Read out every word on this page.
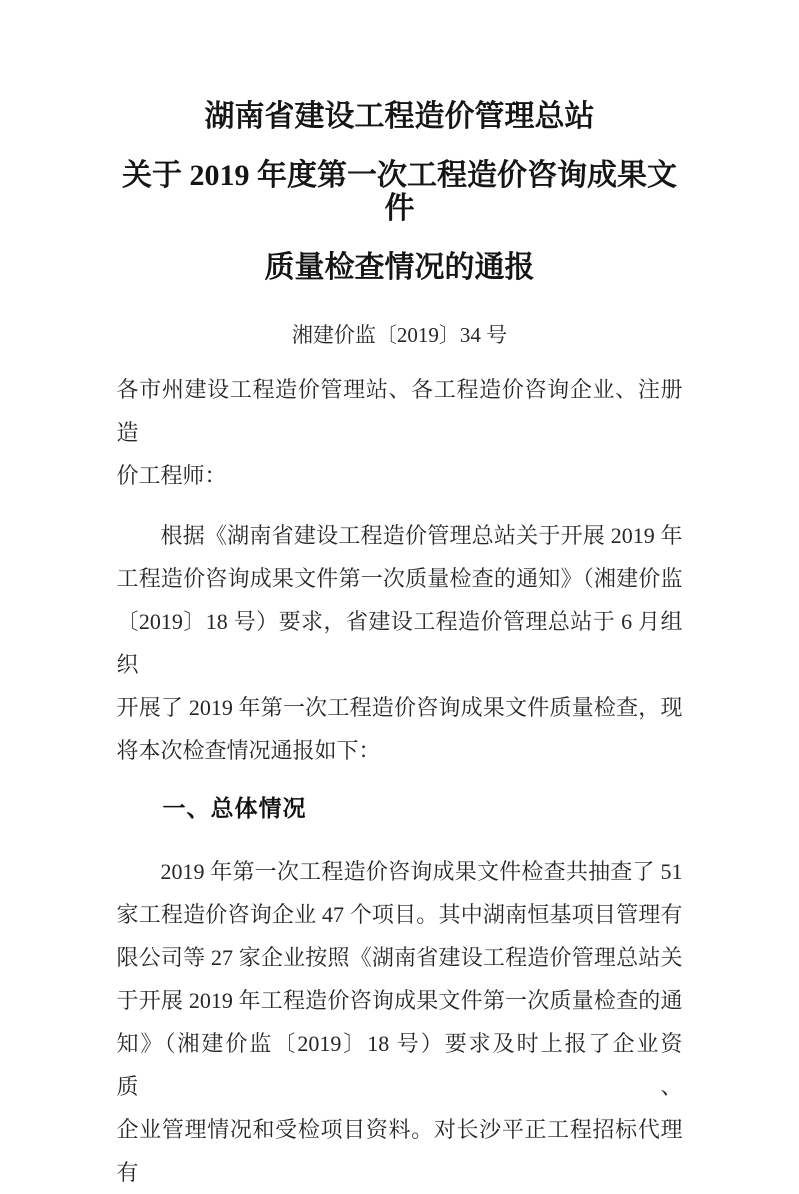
湖南省建设工程造价管理总站
关于 2019 年度第一次工程造价咨询成果文件
质量检查情况的通报
湘建价监〔2019〕34 号
各市州建设工程造价管理站、各工程造价咨询企业、注册造
价工程师：
根据《湖南省建设工程造价管理总站关于开展 2019 年
工程造价咨询成果文件第一次质量检查的通知》（湘建价监
〔2019〕18 号）要求，省建设工程造价管理总站于 6 月组织
开展了 2019 年第一次工程造价咨询成果文件质量检查，现
将本次检查情况通报如下：
一、总体情况
2019 年第一次工程造价咨询成果文件检查共抽查了 51
家工程造价咨询企业 47 个项目。其中湖南恒基项目管理有
限公司等 27 家企业按照《湖南省建设工程造价管理总站关
于开展 2019 年工程造价咨询成果文件第一次质量检查的通
知》（湘建价监〔2019〕18 号）要求及时上报了企业资质、
企业管理情况和受检项目资料。对长沙平正工程招标代理有
